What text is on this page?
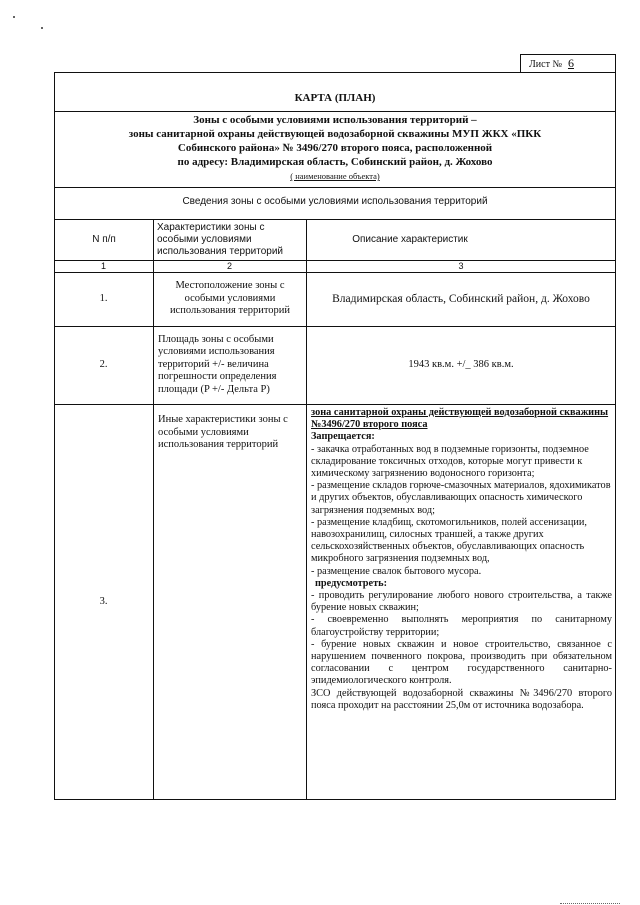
Лист № 6
КАРТА (ПЛАН)
Зоны с особыми условиями использования территорий –
зоны санитарной охраны действующей водозаборной скважины МУП ЖКХ «ПКК
Собинского района» № 3496/270 второго пояса, расположенной
по адресу: Владимирская область, Собинский район, д. Жохово
( наименование объекта)
Сведения зоны с особыми условиями использования территорий
N п/п
Характеристики зоны с особыми условиями использования территорий
Описание характеристик
1	2	3
1.
Местоположение зоны с особыми условиями использования территорий
Владимирская область, Собинский район, д. Жохово
2.
Площадь зоны с особыми условиями использования территорий +/- величина погрешности определения площади (P +/- Дельта P)
1943 кв.м. +/_ 386 кв.м.
3.
Иные характеристики зоны с особыми условиями использования территорий

зона санитарной охраны действующей водозаборной скважины №3496/270 второго пояса

Запрещается:

- закачка отработанных вод в подземные горизонты, подземное складирование токсичных отходов, которые могут привести к химическому загрязнению водоносного горизонта;

- размещение складов горюче-смазочных материалов, ядохимикатов и других объектов, обуславливающих опасность химического загрязнения подземных вод;

- размещение кладбищ, скотомогильников, полей ассенизации, навозохранилищ, силосных траншей, а также других сельскохозяйственных объектов, обуславливающих опасность микробного загрязнения подземных вод,

- размещение свалок бытового мусора.

предусмотреть:

- проводить регулирование любого нового строительства, а также бурение новых скважин;

- своевременно выполнять мероприятия по санитарному благоустройству территории;

- бурение новых скважин и новое строительство, связанное с нарушением почвенного покрова, производить при обязательном согласовании с центром государственного санитарно-эпидемиологического контроля.

ЗСО действующей водозаборной скважины №3496/270 второго пояса проходит на расстоянии 25,0м от источника водозабора.
